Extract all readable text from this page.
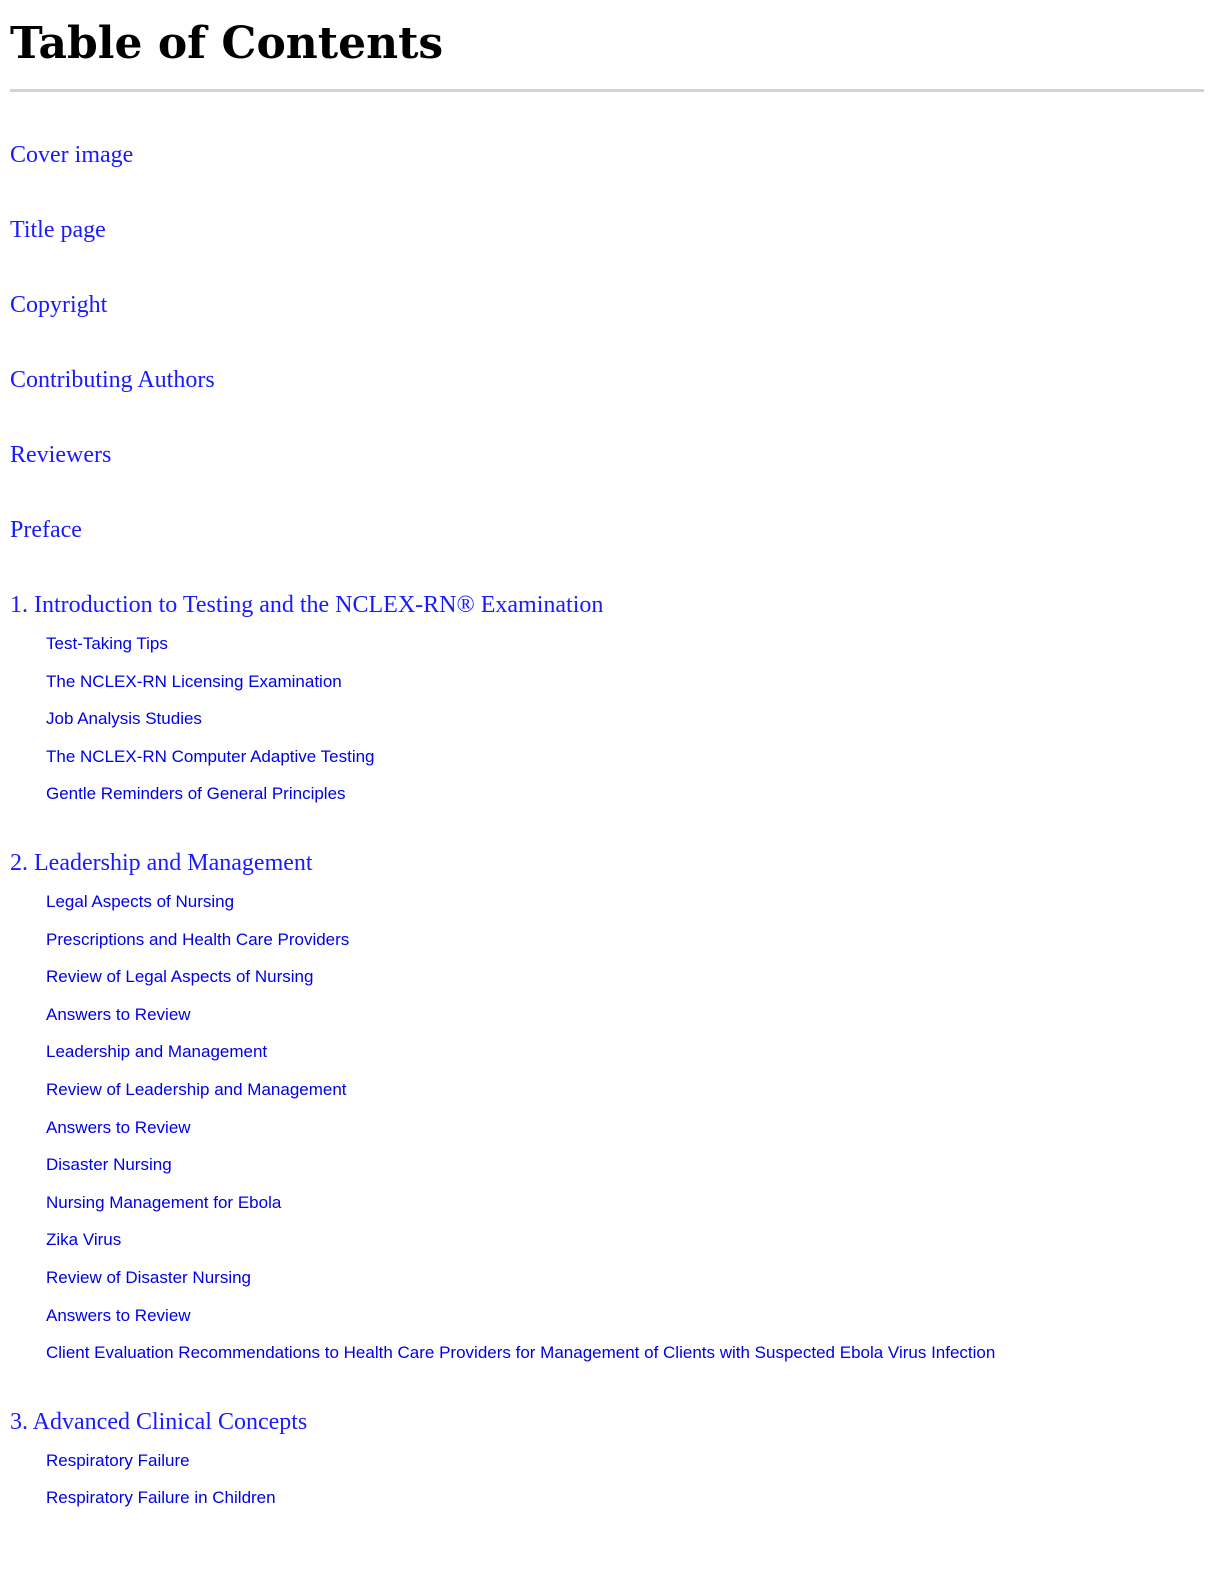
Table of Contents
Cover image
Title page
Copyright
Contributing Authors
Reviewers
Preface
1. Introduction to Testing and the NCLEX-RN® Examination
Test-Taking Tips
The NCLEX-RN Licensing Examination
Job Analysis Studies
The NCLEX-RN Computer Adaptive Testing
Gentle Reminders of General Principles
2. Leadership and Management
Legal Aspects of Nursing
Prescriptions and Health Care Providers
Review of Legal Aspects of Nursing
Answers to Review
Leadership and Management
Review of Leadership and Management
Answers to Review
Disaster Nursing
Nursing Management for Ebola
Zika Virus
Review of Disaster Nursing
Answers to Review
Client Evaluation Recommendations to Health Care Providers for Management of Clients with Suspected Ebola Virus Infection
3. Advanced Clinical Concepts
Respiratory Failure
Respiratory Failure in Children
